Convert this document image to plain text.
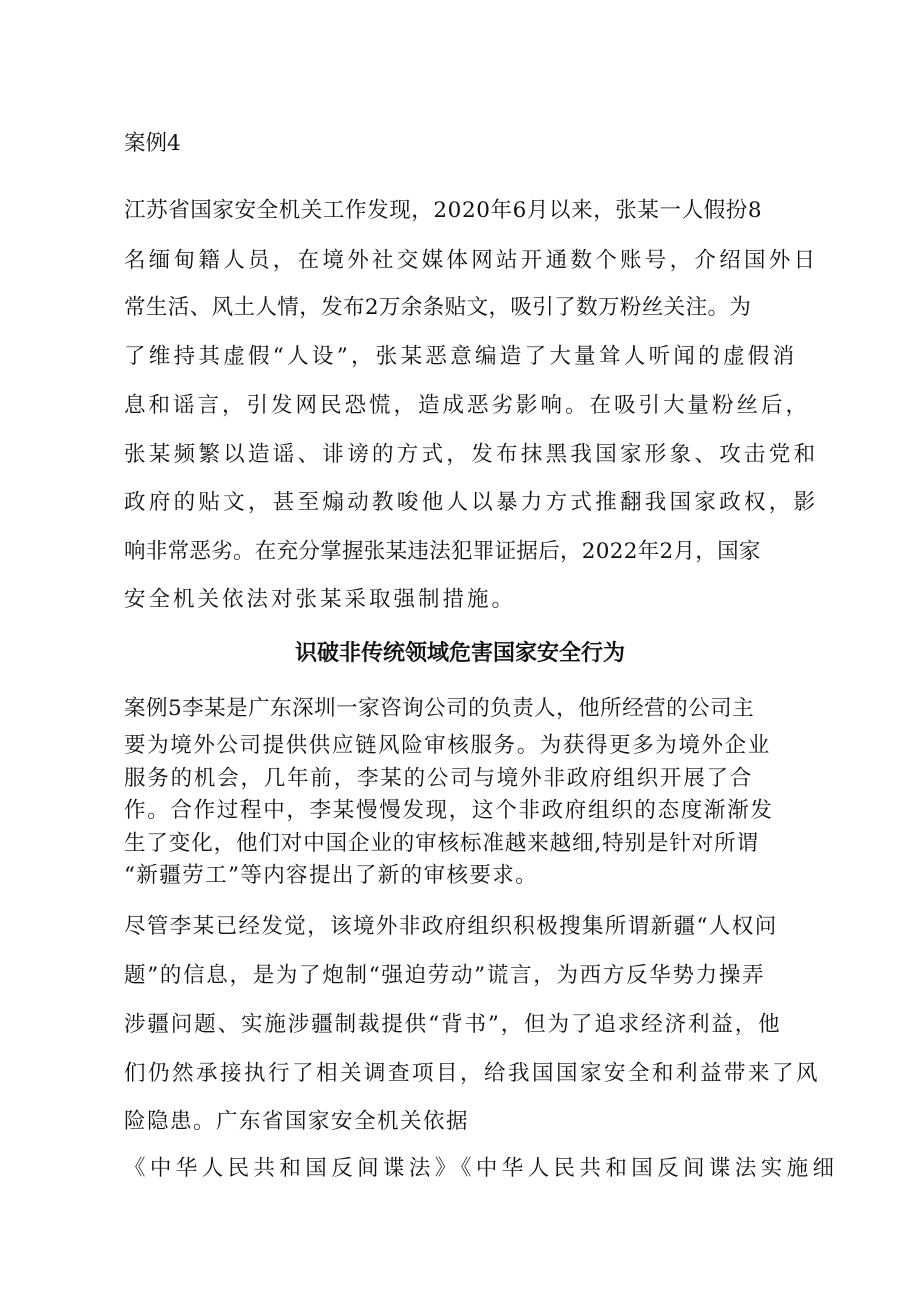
案例4
江苏省国家安全机关工作发现，2020年6月以来，张某一人假扮8
名缅甸籍人员，在境外社交媒体网站开通数个账号，介绍国外日
常生活、风土人情，发布2万余条贴文，吸引了数万粉丝关注。为
了维持其虚假“人设”，张某恶意编造了大量耸人听闻的虚假消
息和谣言，引发网民恐慌，造成恶劣影响。在吸引大量粉丝后，
张某频繁以造谣、诽谤的方式，发布抹黑我国家形象、攻击党和
政府的贴文，甚至煽动教唆他人以暴力方式推翻我国家政权，影
响非常恶劣。在充分掌握张某违法犯罪证据后，2022年2月，国家
安全机关依法对张某采取强制措施。
识破非传统领域危害国家安全行为
案例5李某是广东深圳一家咨询公司的负责人，他所经营的公司主
要为境外公司提供供应链风险审核服务。为获得更多为境外企业
服务的机会，几年前，李某的公司与境外非政府组织开展了合
作。合作过程中，李某慢慢发现，这个非政府组织的态度渐渐发
生了变化，他们对中国企业的审核标准越来越细,特别是针对所谓
“新疆劳工”等内容提出了新的审核要求。
尽管李某已经发觉，该境外非政府组织积极搜集所谓新疆“人权问
题”的信息，是为了炮制“强迫劳动”谎言，为西方反华势力操弄
涉疆问题、实施涉疆制裁提供“背书”，但为了追求经济利益，他
们仍然承接执行了相关调查项目，给我国国家安全和利益带来了风
险隐患。广东省国家安全机关依据
《中华人民共和国反间谍法》《中华人民共和国反间谍法实施细
